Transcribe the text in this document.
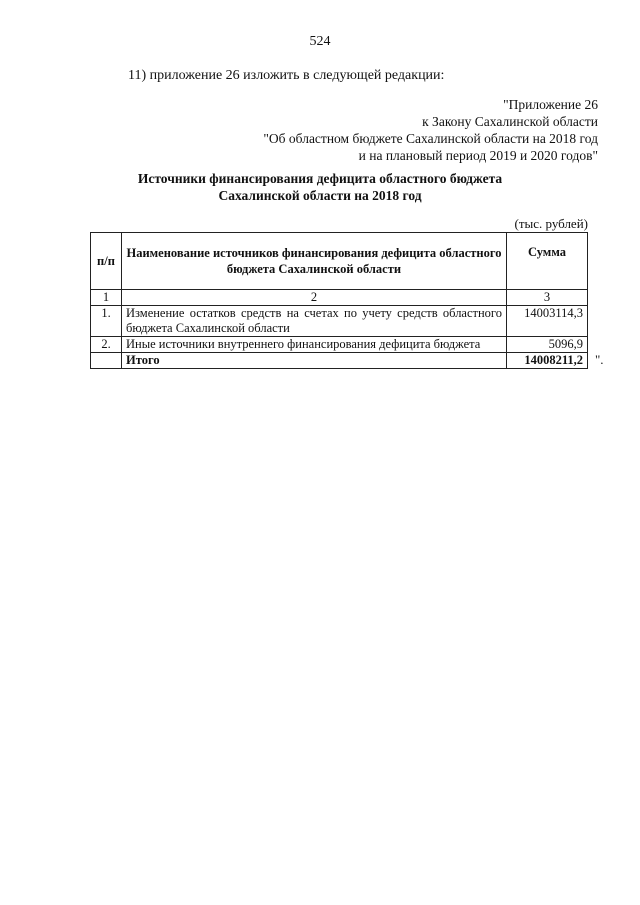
524
11) приложение 26 изложить в следующей редакции:
"Приложение 26
к Закону Сахалинской области
"Об областном бюджете Сахалинской области на 2018 год
и на плановый период 2019 и 2020 годов"
Источники финансирования дефицита областного бюджета
Сахалинской области на 2018 год
(тыс. рублей)
п/п	Наименование источников финансирования дефицита областного бюджета Сахалинской области	Сумма
1	2	3
1.	Изменение остатков средств на счетах по учету средств областного бюджета Сахалинской области	14003114,3
2.	Иные источники внутреннего финансирования дефицита бюджета	5096,9
	Итого	14008211,2 ".
